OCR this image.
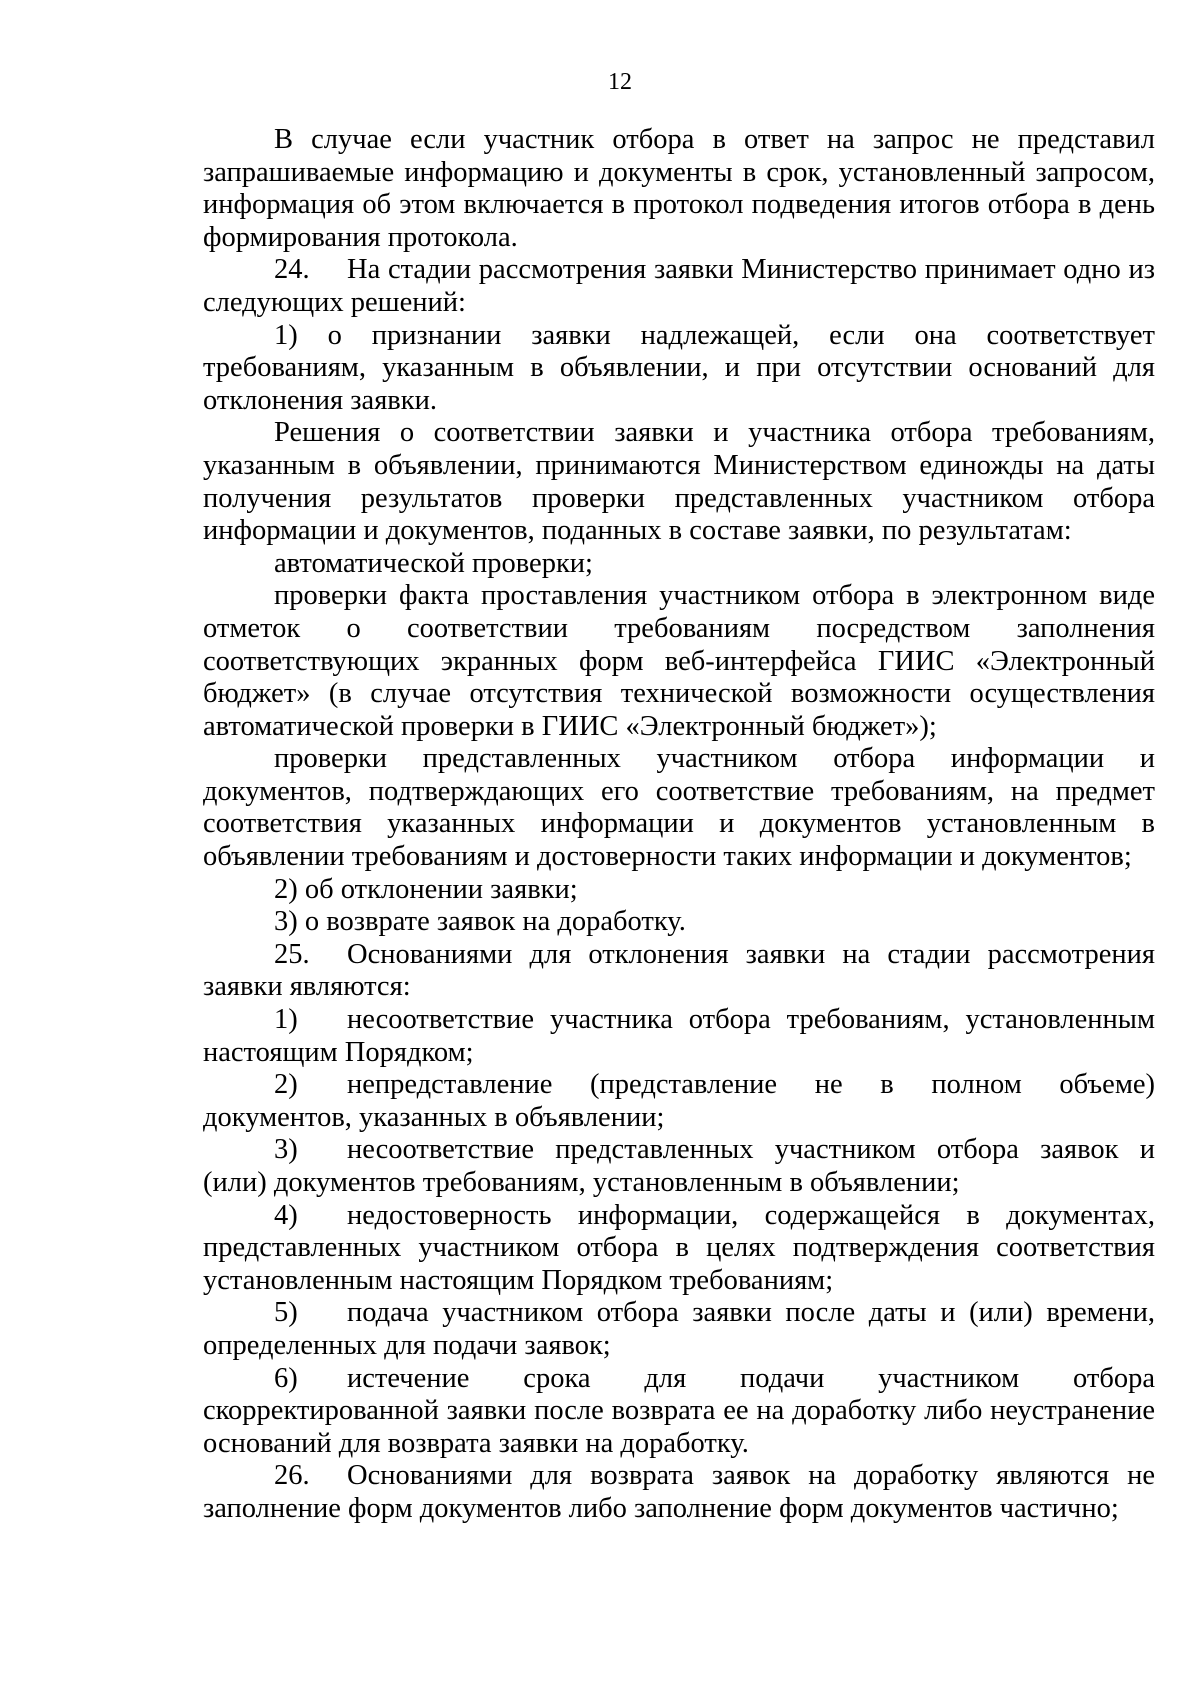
12

В случае если участник отбора в ответ на запрос не представил запрашиваемые информацию и документы в срок, установленный запросом, информация об этом включается в протокол подведения итогов отбора в день формирования протокола.

24. На стадии рассмотрения заявки Министерство принимает одно из следующих решений:

1) о признании заявки надлежащей, если она соответствует требованиям, указанным в объявлении, и при отсутствии оснований для отклонения заявки.

Решения о соответствии заявки и участника отбора требованиям, указанным в объявлении, принимаются Министерством единожды на даты получения результатов проверки представленных участником отбора информации и документов, поданных в составе заявки, по результатам:

автоматической проверки;

проверки факта проставления участником отбора в электронном виде отметок о соответствии требованиям посредством заполнения соответствующих экранных форм веб-интерфейса ГИИС «Электронный бюджет» (в случае отсутствия технической возможности осуществления автоматической проверки в ГИИС «Электронный бюджет»);

проверки представленных участником отбора информации и документов, подтверждающих его соответствие требованиям, на предмет соответствия указанных информации и документов установленным в объявлении требованиям и достоверности таких информации и документов;

2) об отклонении заявки;

3) о возврате заявок на доработку.

25. Основаниями для отклонения заявки на стадии рассмотрения заявки являются:

1) несоответствие участника отбора требованиям, установленным настоящим Порядком;

2) непредставление (представление не в полном объеме) документов, указанных в объявлении;

3) несоответствие представленных участником отбора заявок и (или) документов требованиям, установленным в объявлении;

4) недостоверность информации, содержащейся в документах, представленных участником отбора в целях подтверждения соответствия установленным настоящим Порядком требованиям;

5) подача участником отбора заявки после даты и (или) времени, определенных для подачи заявок;

6) истечение срока для подачи участником отбора скорректированной заявки после возврата ее на доработку либо неустранение оснований для возврата заявки на доработку.

26. Основаниями для возврата заявок на доработку являются не заполнение форм документов либо заполнение форм документов частично;
